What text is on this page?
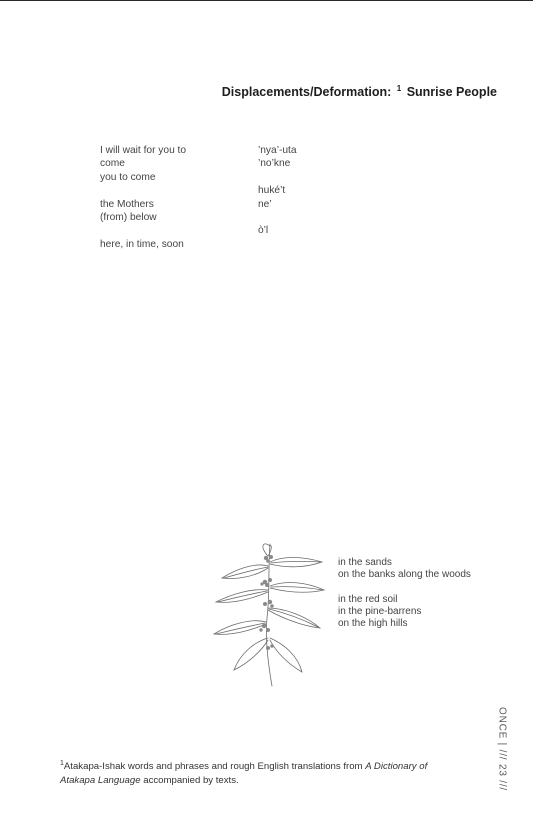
Displacements/Deformation: $^1$ Sunrise People
I will wait for you to
come
you to come
the Mothers
(from) below
here, in time, soon
’nya’-uta
’no’kne
huké’t
ne’
ò’l
in the sands
on the banks along the woods
in the red soil
in the pine-barrens
on the high hills
ONCE | /// 23 ///
$^1$Atakapa-Ishak words and phrases and rough English translations from A Dictionary of Atakapa Language accompanied by texts.
